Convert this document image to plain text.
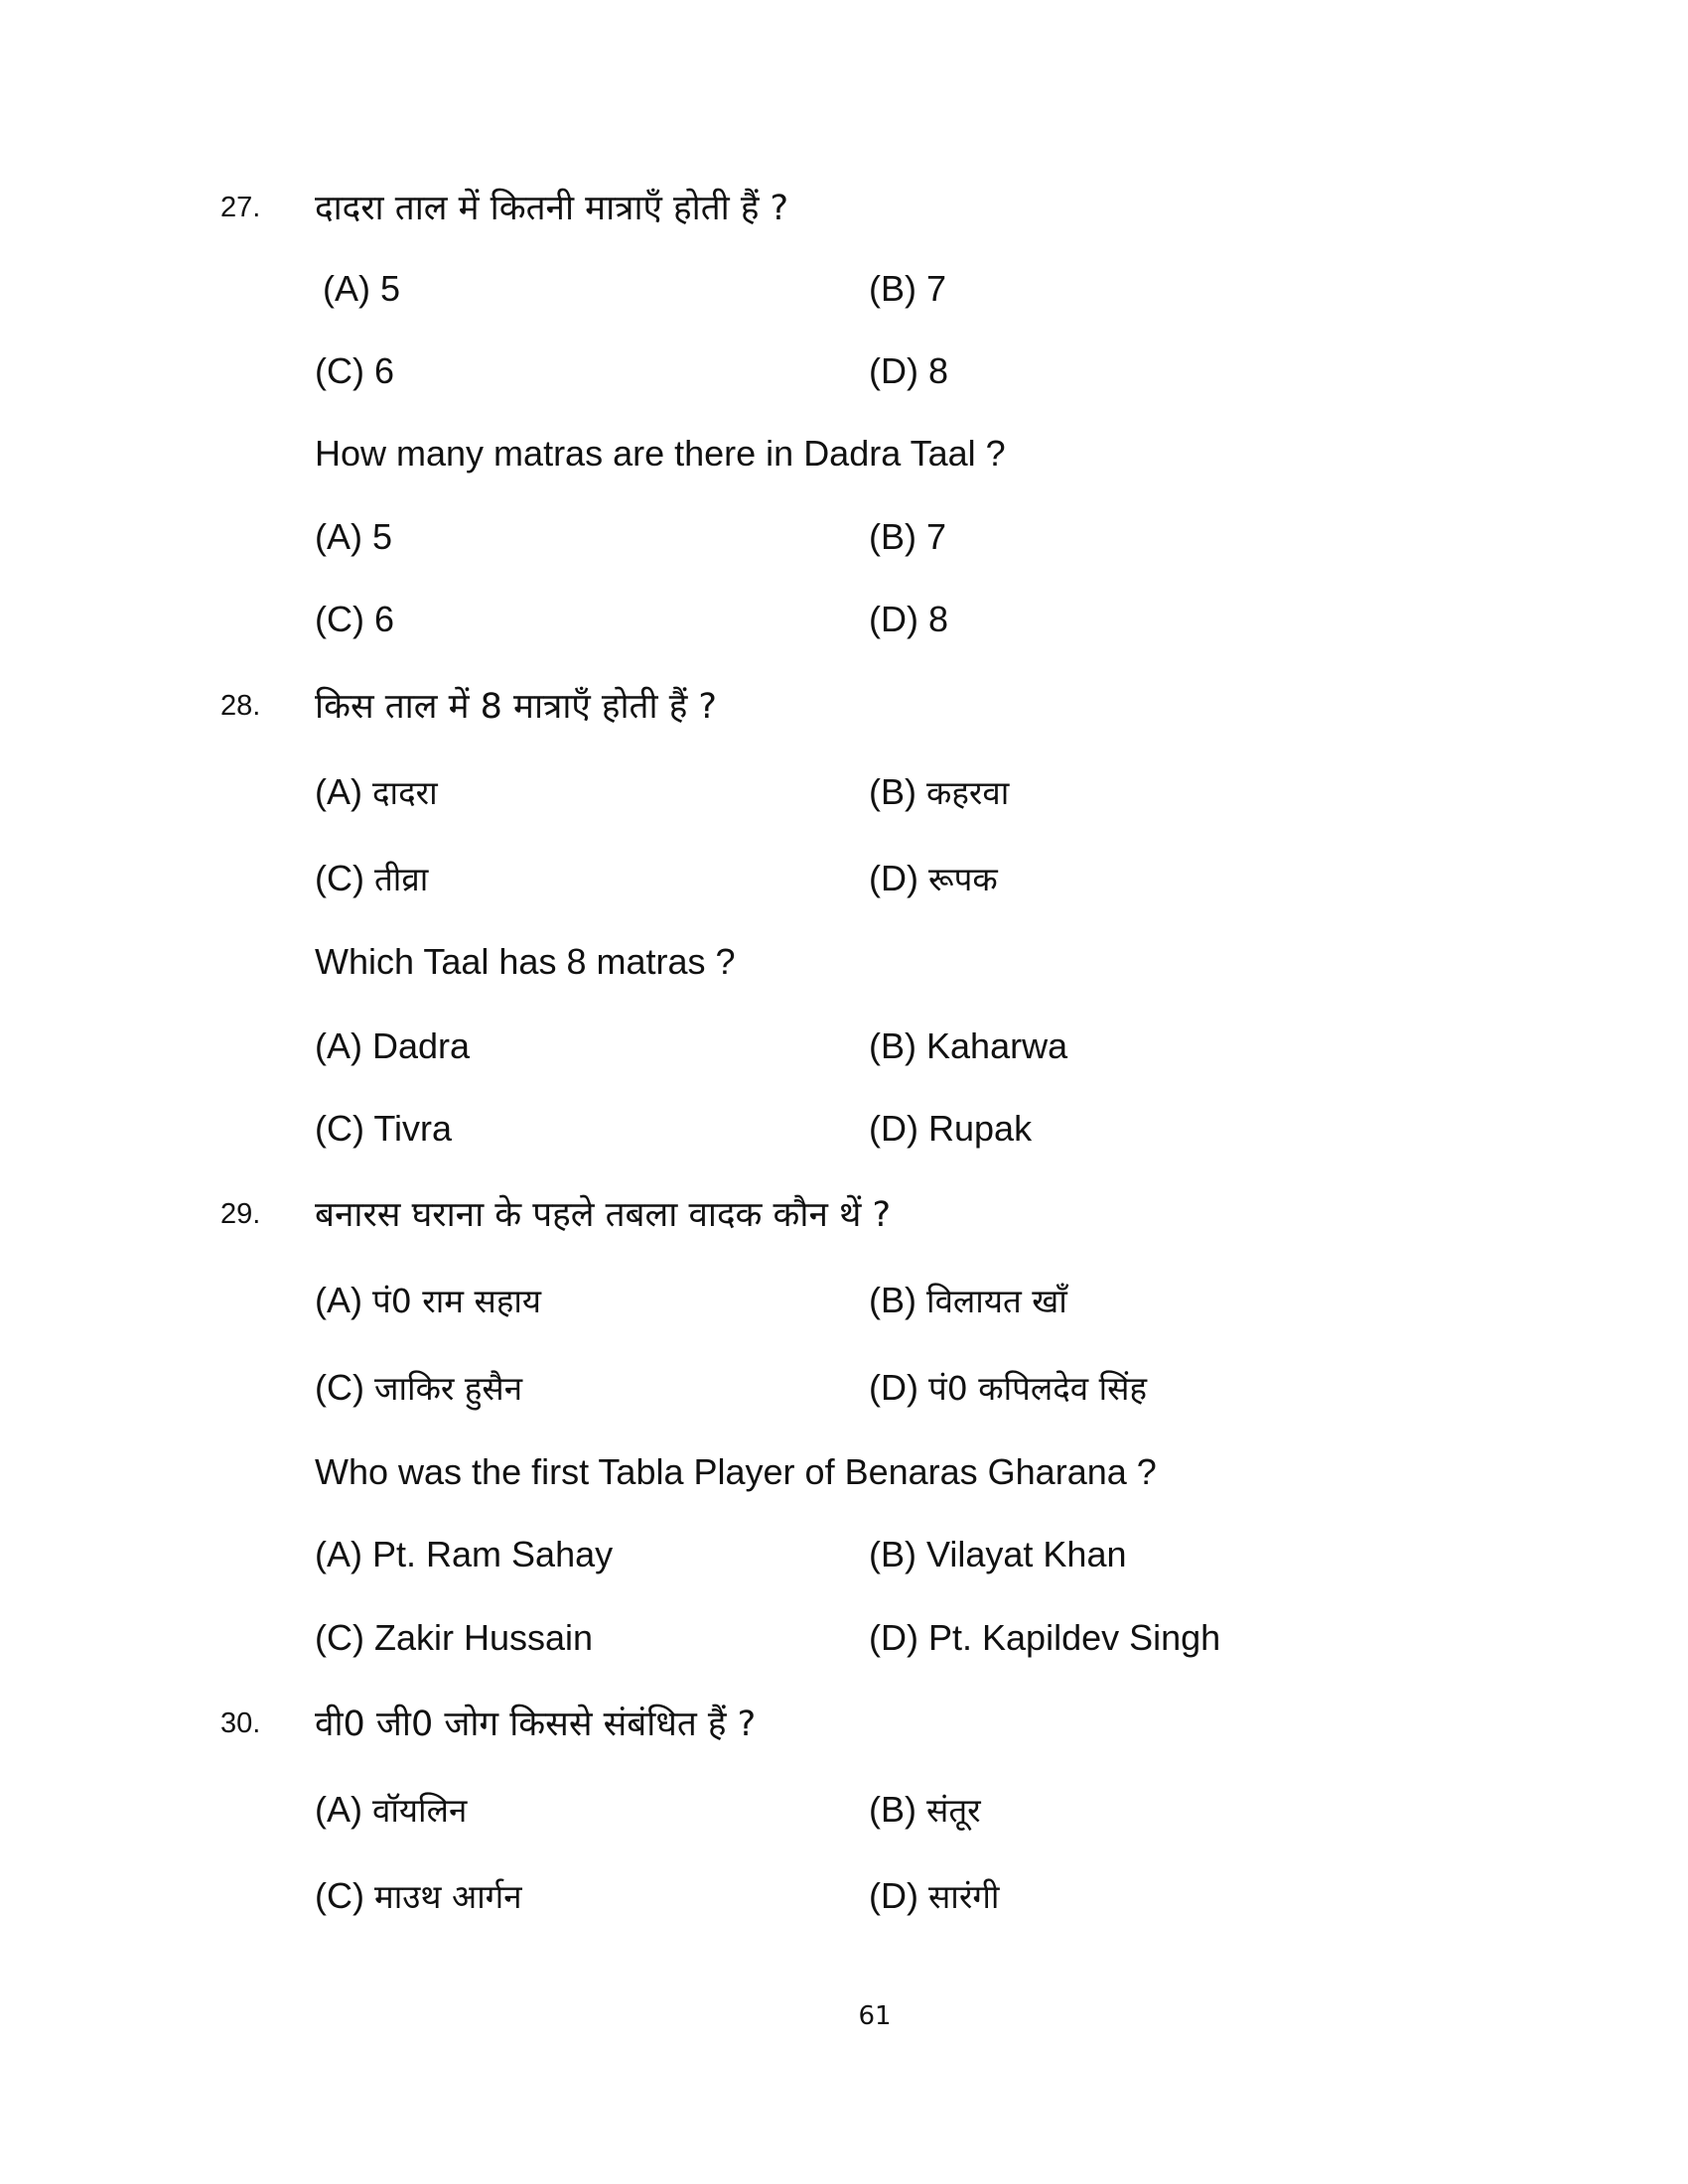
27. दादरा ताल में कितनी मात्राएँ होती हैं ?
(A) 5	(B) 7
(C) 6	(D) 8
How many matras are there in Dadra Taal ?
(A) 5	(B) 7
(C) 6	(D) 8
28. किस ताल में 8 मात्राएँ होती हैं ?
(A) दादरा	(B) कहरवा
(C) तीव्रा	(D) रूपक
Which Taal has 8 matras ?
(A) Dadra	(B) Kaharwa
(C) Tivra	(D) Rupak
29. बनारस घराना के पहले तबला वादक कौन थें ?
(A) पं0 राम सहाय	(B) विलायत खाँ
(C) जाकिर हुसैन	(D) पं0 कपिलदेव सिंह
Who was the first Tabla Player of Benaras Gharana ?
(A) Pt. Ram Sahay	(B) Vilayat Khan
(C) Zakir Hussain	(D) Pt. Kapildev Singh
30. वी0 जी0 जोग किससे संबंधित हैं ?
(A) वॉयलिन	(B) संतूर
(C) माउथ आर्गन	(D) सारंगी
61
